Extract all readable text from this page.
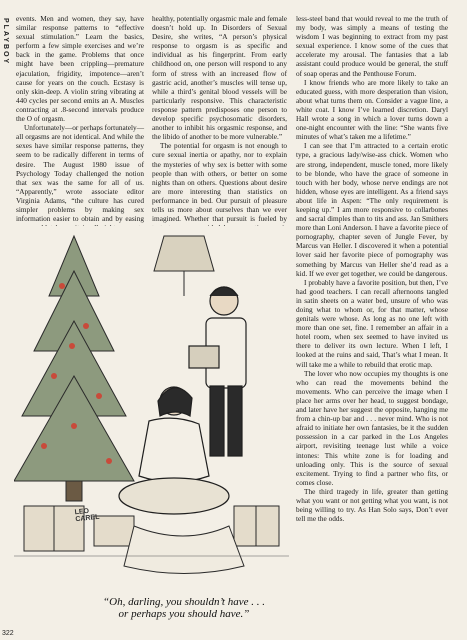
PLAYBOY events. Men and women, they say, have similar response patterns to “effective sexual stimulation.” Learn the basics, perform a few simple exercises and we’re back in the game. Problems that once might have been crippling—premature ejaculation, frigidity, impotence—aren’t cause for years on the couch. Ecstasy is only skin-deep. A violin string vibrating at 440 cycles per second emits an A. Muscles contracting at .8-second intervals produce the O of orgasm.

Unfortunately—or perhaps fortunately—all orgasms are not identical. And while the sexes have similar response patterns, they seem to be radically different in terms of desire. The August 1980 issue of Psychology Today challenged the notion that sex was the same for all of us. “Apparently,” wrote associate editor Virginia Adams, “the culture has cured simpler problems by making sex information easier to obtain and by easing

healthy, potentially orgasmic male and female doesn’t hold up. In Disorders of Sexual Desire, she writes, “A person’s physical response to orgasm is as specific and individual as his fingerprint. From early childhood on, one person will respond to any form of stress with an increased flow of gastric acid, another’s muscles will tense up, while a third’s genital blood vessels will be particularly responsive. This characteristic response pattern predisposes one person to develop specific psychosomatic disorders, another to inhibit his orgasmic response, and the libido of another to be more vulnerable.”

The potential for orgasm is not enough to cure sexual inertia or apathy, nor to explain the mysteries of why sex is better with some people than with others, or better on some nights than on others. Questions about desire are more interesting than statistics on performance in bed. Our pursuit of pleasure tells us more about ourselves than we ever imagined. Whether that pursuit is fueled by

less-steel band that would reveal to me the truth of my body, was simply a means of testing the wisdom I was beginning to extract from my past sexual experience. I know some of the cues that accelerate my arousal. The fantasies that a lab assistant could produce would be general, the stuff of soap operas and the Penthouse Forum.

I know friends who are more likely to take an educated guess, with more desperation than vision, about what turns them on. Consider a vague line, a white coat. I know I’ve learned discretion. Daryl Hall wrote a song in which a lover turns down a one-night encounter with the line: “She wants five minutes of what’s taken me a lifetime.”

I can see that I’m attracted to a certain erotic type, a gracious lady/wise-ass chick. Women who are strong, independent, muscle toned, more likely to be blonde, who have the grace of someone in touch with her body, whose nerve endings are not hidden, whose eyes are intelligent. As a friend says about life in Aspen: “The only requirement is keeping up.” I am more responsive to collarbones and sacral dimples than to tits and ass. Jan Smithers more than Loni Anderson. I have a favorite piece of pornography, chapter seven of Jungle Fever, by Marcus van Heller. I discovered it when a potential lover said her favorite piece of pornography was something by Marcus van Heller she’d read as a kid. If we ever get together, we could be dangerous.

I probably have a favorite position, but then, I’ve had good teachers. I can recall afternoons tangled in satin sheets on a water bed, unsure of who was doing what to whom or, for that matter, whose genitals were whose. As long as no one left with more than one set, fine. I remember an affair in a hotel room, when sex seemed to have invited us there to deliver its own lecture. When I left, I looked at the ruins and said, That’s what I mean. It will take me a while to rebuild that erotic map.

The lover who now occupies my thoughts is one who can read the movements behind the movements. Who can perceive the image when I place her arms over her head, to suggest bondage, and later have her suggest the opposite, hanging me from a chin-up bar and . . . never mind. Who is not afraid to initiate her own fantasies, be it the sudden possession in a car parked in the Los Angeles airport, revisiting teenage lust while a voice intones: This white zone is for loading and unloading only. This is the source of sexual excitement. Trying to find a partner who fits, or comes close.

The third tragedy in life, greater than getting what you want or not getting what you want, is not being willing to try. As Han Solo says, Don’t ever tell me the odds.

LEO
CAREL
“Oh, darling, you shouldn’t have . . .
or perhaps you should have.”
322
